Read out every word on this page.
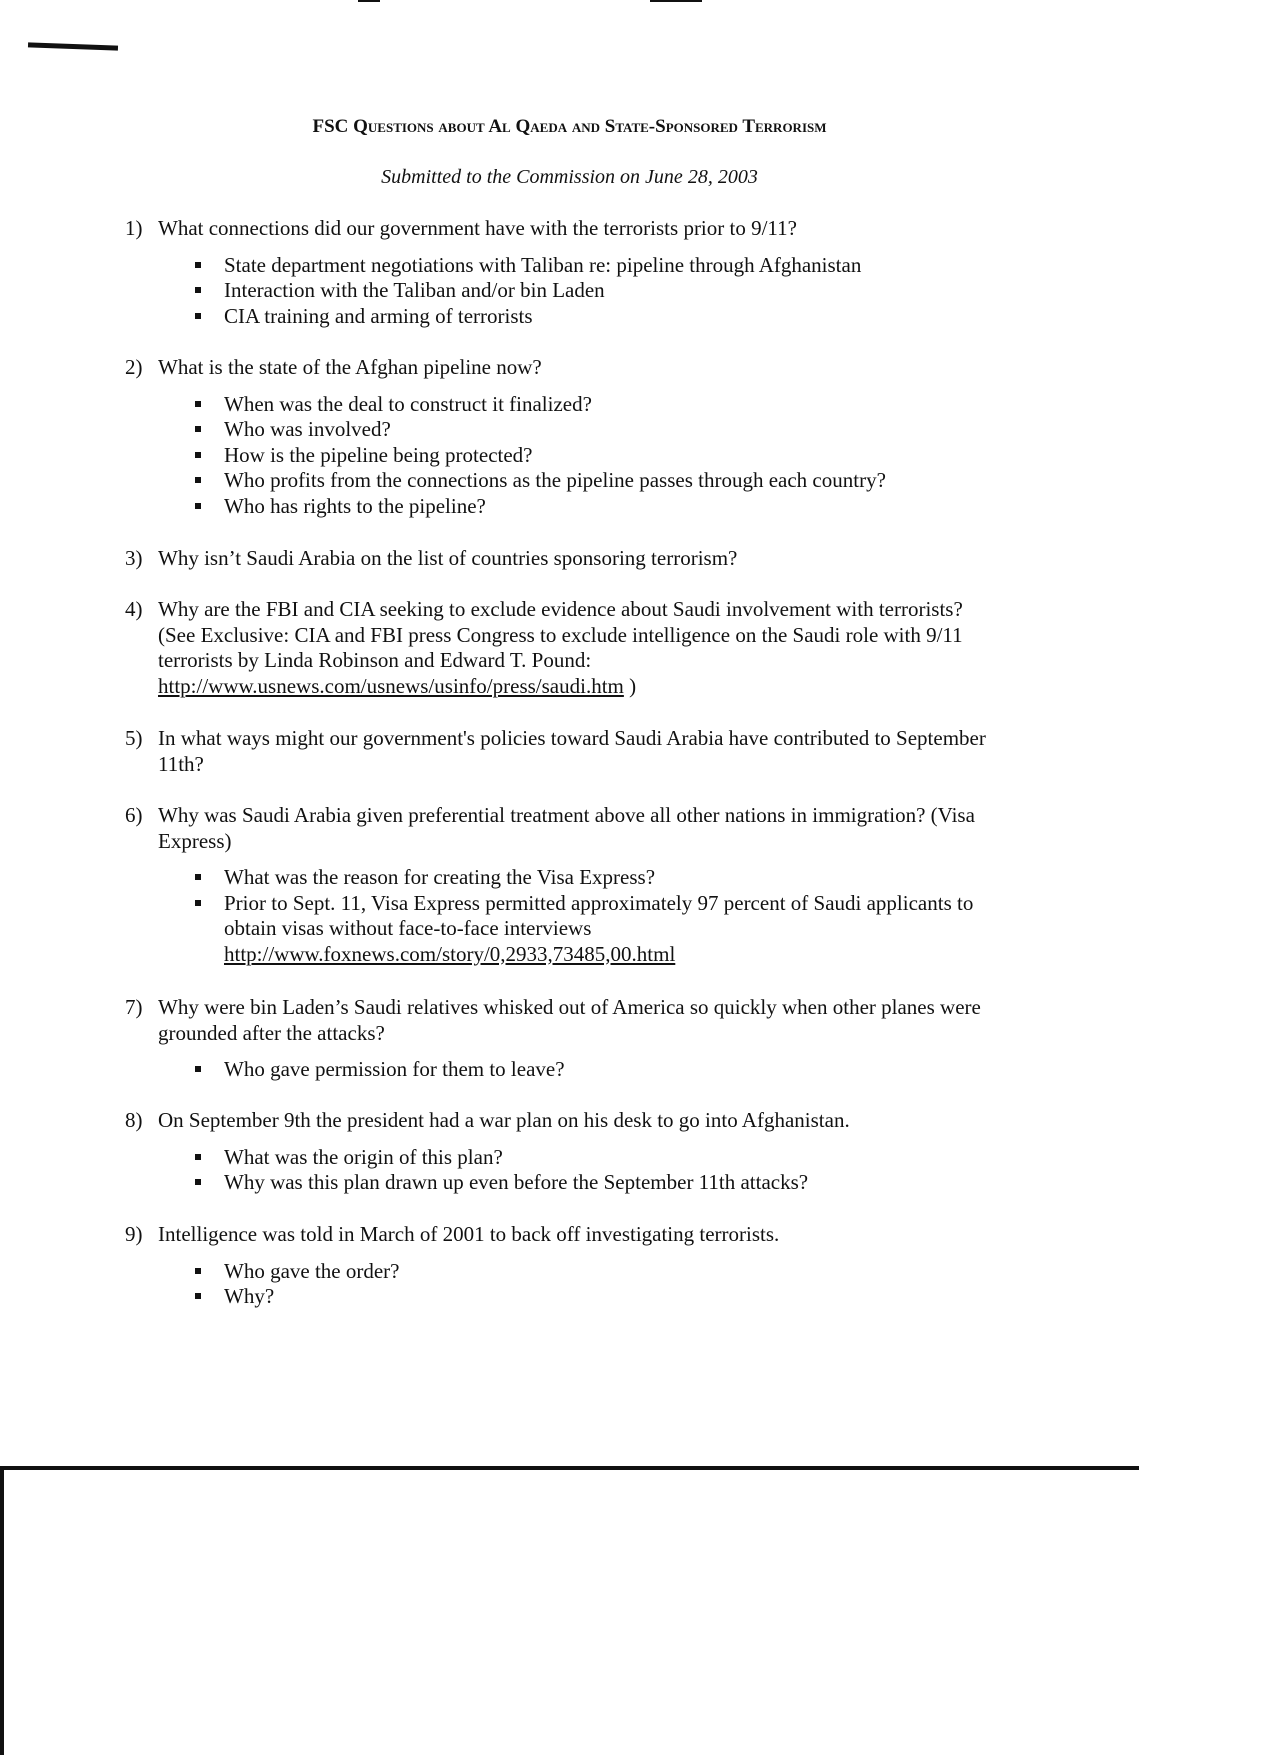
FSC Questions about Al Qaeda and State-Sponsored Terrorism
Submitted to the Commission on June 28, 2003
1) What connections did our government have with the terrorists prior to 9/11?
State department negotiations with Taliban re: pipeline through Afghanistan
Interaction with the Taliban and/or bin Laden
CIA training and arming of terrorists
2) What is the state of the Afghan pipeline now?
When was the deal to construct it finalized?
Who was involved?
How is the pipeline being protected?
Who profits from the connections as the pipeline passes through each country?
Who has rights to the pipeline?
3) Why isn’t Saudi Arabia on the list of countries sponsoring terrorism?
4) Why are the FBI and CIA seeking to exclude evidence about Saudi involvement with terrorists? (See Exclusive: CIA and FBI press Congress to exclude intelligence on the Saudi role with 9/11 terrorists by Linda Robinson and Edward T. Pound: http://www.usnews.com/usnews/usinfo/press/saudi.htm )
5) In what ways might our government's policies toward Saudi Arabia have contributed to September 11th?
6) Why was Saudi Arabia given preferential treatment above all other nations in immigration? (Visa Express)
What was the reason for creating the Visa Express?
Prior to Sept. 11, Visa Express permitted approximately 97 percent of Saudi applicants to obtain visas without face-to-face interviews
http://www.foxnews.com/story/0,2933,73485,00.html
7) Why were bin Laden’s Saudi relatives whisked out of America so quickly when other planes were grounded after the attacks?
Who gave permission for them to leave?
8) On September 9th the president had a war plan on his desk to go into Afghanistan.
What was the origin of this plan?
Why was this plan drawn up even before the September 11th attacks?
9) Intelligence was told in March of 2001 to back off investigating terrorists.
Who gave the order?
Why?
